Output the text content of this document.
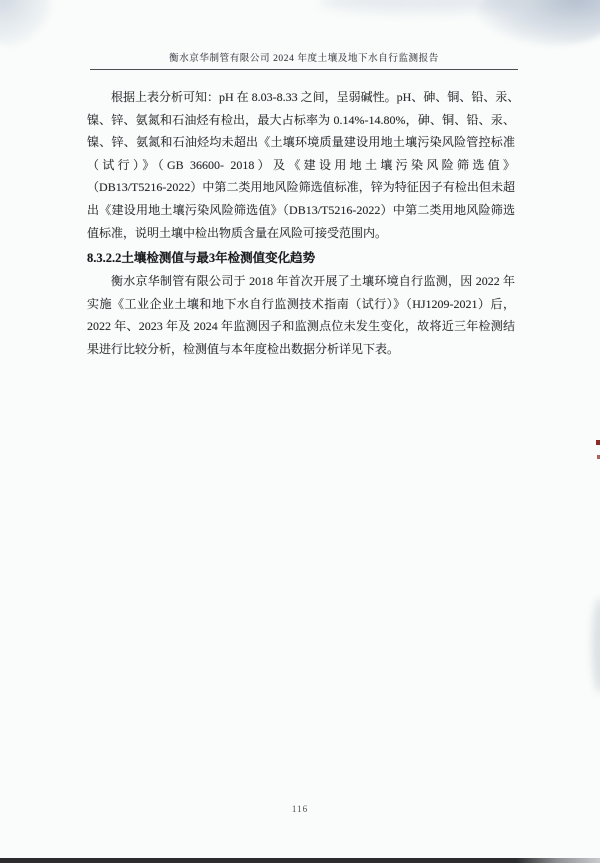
衡水京华制管有限公司 2024 年度土壤及地下水自行监测报告
根据上表分析可知：pH 在 8.03-8.33 之间，呈弱碱性。pH、砷、铜、铅、汞、
镍、锌、氨氮和石油烃有检出，最大占标率为 0.14%-14.80%，砷、铜、铅、汞、
镍、锌、氨氮和石油烃均未超出《土壤环境质量建设用地土壤污染风险管控标准
（试行）》（GB 36600- 2018）及《建设用地土壤污染风险筛选值》
（DB13/T5216-2022）中第二类用地风险筛选值标准，锌为特征因子有检出但未超
出《建设用地土壤污染风险筛选值》（DB13/T5216-2022）中第二类用地风险筛选
值标准，说明土壤中检出物质含量在风险可接受范围内。
8.3.2.2土壤检测值与最3年检测值变化趋势
衡水京华制管有限公司于 2018 年首次开展了土壤环境自行监测，因 2022 年
实施《工业企业土壤和地下水自行监测技术指南（试行）》（HJ1209-2021）后，
2022 年、2023 年及 2024 年监测因子和监测点位未发生变化，故将近三年检测结
果进行比较分析，检测值与本年度检出数据分析详见下表。
116
